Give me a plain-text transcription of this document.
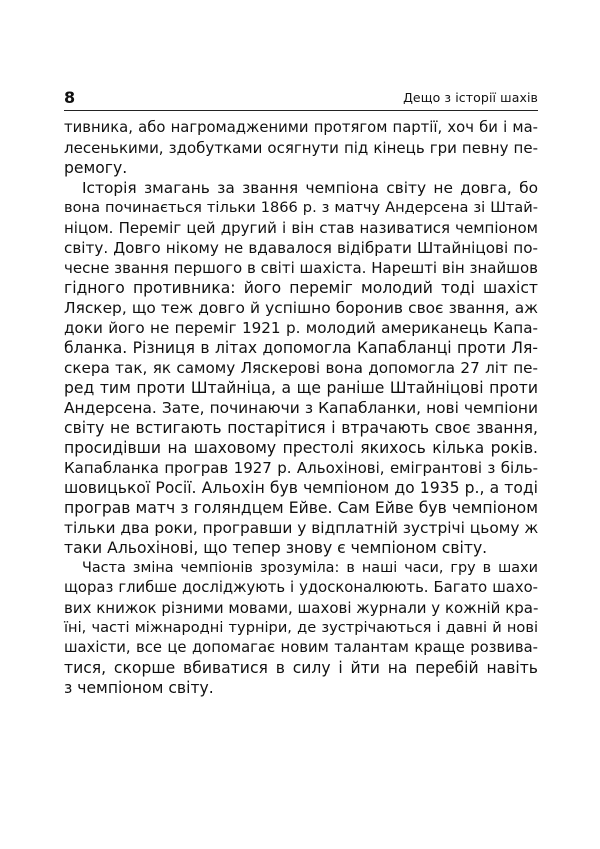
8	Дещо з історії шахів
тивника, або нагромадженими протягом партії, хоч би і ма-
лесенькими, здобутками осягнути під кінець гри певну пе-
ремогу.
Історія змагань за звання чемпіона світу не довга, бо
вона починається тільки 1866 р. з матчу Андерсена зі Штай-
ніцом. Переміг цей другий і він став називатися чемпіоном
світу. Довго нікому не вдавалося відібрати Штайніцові по-
чесне звання першого в світі шахіста. Нарешті він знайшов
гідного противника: його переміг молодий тоді шахіст
Ляскер, що теж довго й успішно боронив своє звання, аж
доки його не переміг 1921 р. молодий американець Капа-
бланка. Різниця в літах допомогла Капабланці проти Ля-
скера так, як самому Ляскерові вона допомогла 27 літ пе-
ред тим проти Штайніца, а ще раніше Штайніцові проти
Андерсена. Зате, починаючи з Капабланки, нові чемпіони
світу не встигають постарітися і втрачають своє звання,
просидівши на шаховому престолі якихось кілька років.
Капабланка програв 1927 р. Альохінові, емігрантові з біль-
шовицької Росії. Альохін був чемпіоном до 1935 р., а тоді
програв матч з голяндцем Ейве. Сам Ейве був чемпіоном
тільки два роки, програвши у відплатній зустрічі цьому ж
таки Альохінові, що тепер знову є чемпіоном світу.
Часта зміна чемпіонів зрозуміла: в наші часи, гру в шахи
щораз глибше досліджують і удосконалюють. Багато шахо-
вих книжок різними мовами, шахові журнали у кожній кра-
їні, часті міжнародні турніри, де зустрічаються і давні й нові
шахісти, все це допомагає новим талантам краще розвива-
тися, скорше вбиватися в силу і йти на перебій навіть
з чемпіоном світу.
